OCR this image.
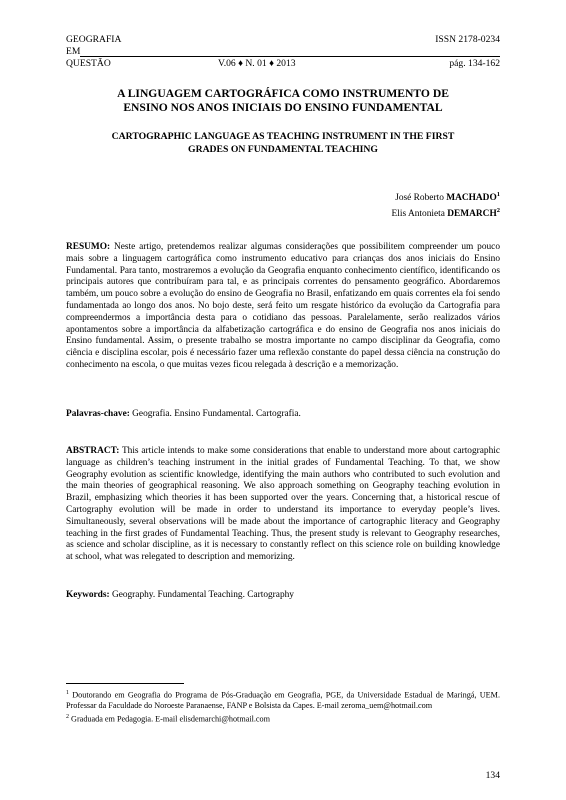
GEOGRAFIA	ISSN 2178-0234
EM
QUESTÃO	V.06 ♦ N. 01 ♦ 2013	pág. 134-162
A LINGUAGEM CARTOGRÁFICA COMO INSTRUMENTO DE
ENSINO NOS ANOS INICIAIS DO ENSINO FUNDAMENTAL
CARTOGRAPHIC LANGUAGE AS TEACHING INSTRUMENT IN THE FIRST
GRADES ON FUNDAMENTAL TEACHING
José Roberto MACHADO$^1$
Elis Antonieta DEMARCH$^2$
RESUMO: Neste artigo, pretendemos realizar algumas considerações que possibilitem compreender um pouco mais sobre a linguagem cartográfica como instrumento educativo para crianças dos anos iniciais do Ensino Fundamental. Para tanto, mostraremos a evolução da Geografia enquanto conhecimento científico, identificando os principais autores que contribuíram para tal, e as principais correntes do pensamento geográfico. Abordaremos também, um pouco sobre a evolução do ensino de Geografia no Brasil, enfatizando em quais correntes ela foi sendo fundamentada ao longo dos anos. No bojo deste, será feito um resgate histórico da evolução da Cartografia para compreendermos a importância desta para o cotidiano das pessoas. Paralelamente, serão realizados vários apontamentos sobre a importância da alfabetização cartográfica e do ensino de Geografia nos anos iniciais do Ensino fundamental. Assim, o presente trabalho se mostra importante no campo disciplinar da Geografia, como ciência e disciplina escolar, pois é necessário fazer uma reflexão constante do papel dessa ciência na construção do conhecimento na escola, o que muitas vezes ficou relegada à descrição e a memorização.
Palavras-chave: Geografia. Ensino Fundamental. Cartografia.
ABSTRACT: This article intends to make some considerations that enable to understand more about cartographic language as children’s teaching instrument in the initial grades of Fundamental Teaching. To that, we show Geography evolution as scientific knowledge, identifying the main authors who contributed to such evolution and the main theories of geographical reasoning. We also approach something on Geography teaching evolution in Brazil, emphasizing which theories it has been supported over the years. Concerning that, a historical rescue of Cartography evolution will be made in order to understand its importance to everyday people’s lives. Simultaneously, several observations will be made about the importance of cartographic literacy and Geography teaching in the first grades of Fundamental Teaching. Thus, the present study is relevant to Geography researches, as science and scholar discipline, as it is necessary to constantly reflect on this science role on building knowledge at school, what was relegated to description and memorizing.
Keywords: Geography. Fundamental Teaching. Cartography
$^1$ Doutorando em Geografia do Programa de Pós-Graduação em Geografia, PGE, da Universidade Estadual de Maringá, UEM. Professar da Faculdade do Noroeste Paranaense, FANP e Bolsista da Capes. E-mail zeroma_uem@hotmail.com
$^2$ Graduada em Pedagogia. E-mail elisdemarchi@hotmail.com
134
